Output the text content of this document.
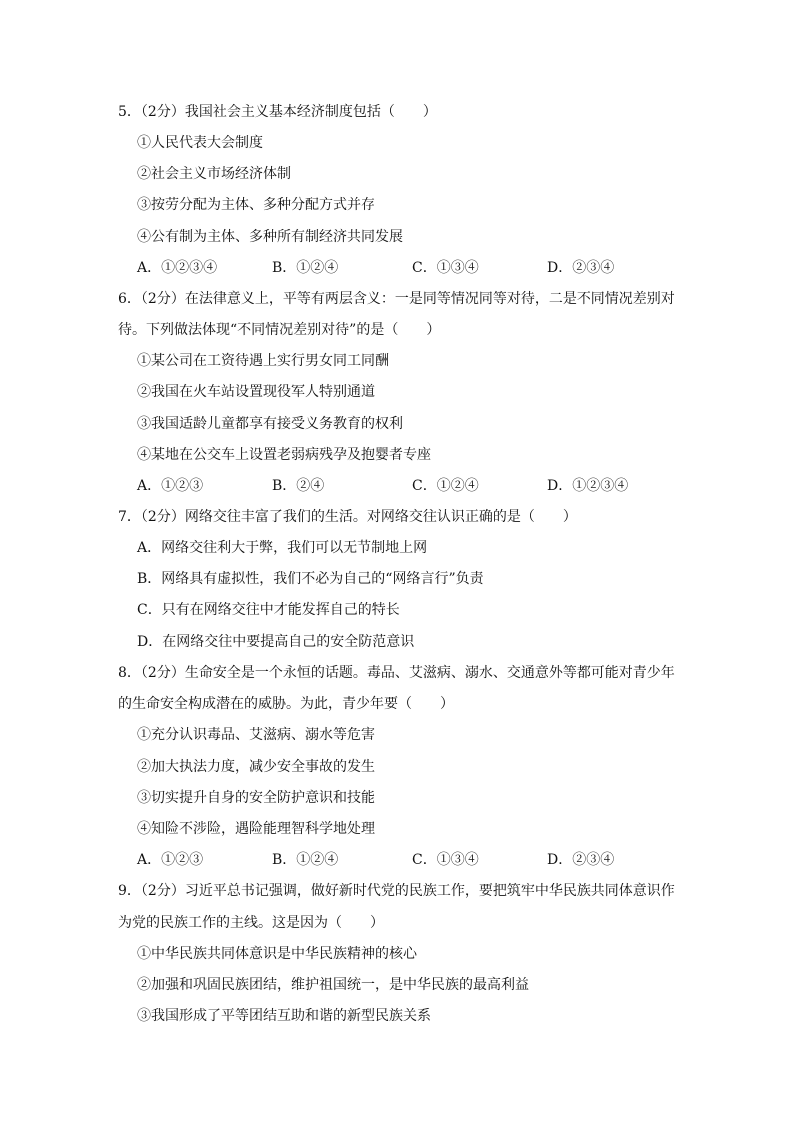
5．（2分）我国社会主义基本经济制度包括（　　）
①人民代表大会制度
②社会主义市场经济体制
③按劳分配为主体、多种分配方式并存
④公有制为主体、多种所有制经济共同发展
A．①②③④	B．①②④	C．①③④	D．②③④
6．（2分）在法律意义上，平等有两层含义：一是同等情况同等对待，二是不同情况差别对
待。下列做法体现“不同情况差别对待”的是（　　）
①某公司在工资待遇上实行男女同工同酬
②我国在火车站设置现役军人特别通道
③我国适龄儿童都享有接受义务教育的权利
④某地在公交车上设置老弱病残孕及抱婴者专座
A．①②③	B．②④	C．①②④	D．①②③④
7．（2分）网络交往丰富了我们的生活。对网络交往认识正确的是（　　）
A．网络交往利大于弊，我们可以无节制地上网
B．网络具有虚拟性，我们不必为自己的“网络言行”负责
C．只有在网络交往中才能发挥自己的特长
D．在网络交往中要提高自己的安全防范意识
8．（2分）生命安全是一个永恒的话题。毒品、艾滋病、溺水、交通意外等都可能对青少年
的生命安全构成潜在的威胁。为此，青少年要（　　）
①充分认识毒品、艾滋病、溺水等危害
②加大执法力度，减少安全事故的发生
③切实提升自身的安全防护意识和技能
④知险不涉险，遇险能理智科学地处理
A．①②③	B．①②④	C．①③④	D．②③④
9．（2分）习近平总书记强调，做好新时代党的民族工作，要把筑牢中华民族共同体意识作
为党的民族工作的主线。这是因为（　　）
①中华民族共同体意识是中华民族精神的核心
②加强和巩固民族团结，维护祖国统一，是中华民族的最高利益
③我国形成了平等团结互助和谐的新型民族关系
